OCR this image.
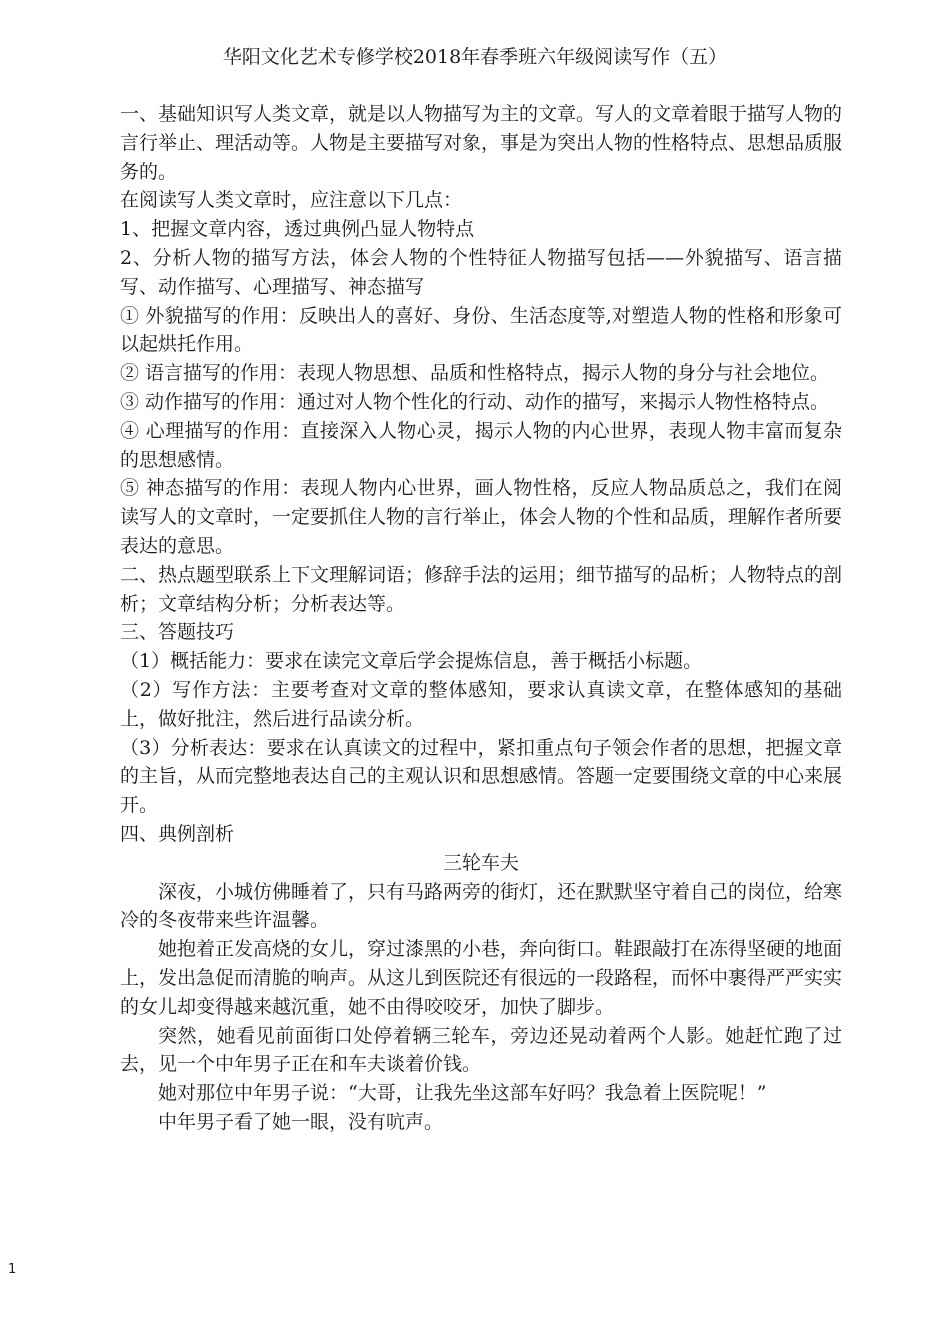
华阳文化艺术专修学校2018年春季班六年级阅读写作（五）

一、基础知识写人类文章，就是以人物描写为主的文章。写人的文章着眼于描写人物的言行举止、理活动等。人物是主要描写对象，事是为突出人物的性格特点、思想品质服务的。

在阅读写人类文章时，应注意以下几点：

1、把握文章内容，透过典例凸显人物特点

2、分析人物的描写方法，体会人物的个性特征人物描写包括——外貌描写、语言描写、动作描写、心理描写、神态描写

① 外貌描写的作用：反映出人的喜好、身份、生活态度等,对塑造人物的性格和形象可以起烘托作用。

② 语言描写的作用：表现人物思想、品质和性格特点，揭示人物的身分与社会地位。

③ 动作描写的作用：通过对人物个性化的行动、动作的描写，来揭示人物性格特点。

④ 心理描写的作用：直接深入人物心灵，揭示人物的内心世界，表现人物丰富而复杂的思想感情。

⑤ 神态描写的作用：表现人物内心世界，画人物性格，反应人物品质总之，我们在阅读写人的文章时，一定要抓住人物的言行举止，体会人物的个性和品质，理解作者所要表达的意思。

二、热点题型联系上下文理解词语；修辞手法的运用；细节描写的品析；人物特点的剖

析；文章结构分析；分析表达等。

三、答题技巧

（1）概括能力：要求在读完文章后学会提炼信息，善于概括小标题。

（2）写作方法：主要考查对文章的整体感知，要求认真读文章，在整体感知的基础上，做好批注，然后进行品读分析。

（3）分析表达：要求在认真读文的过程中，紧扣重点句子领会作者的思想，把握文章的主旨，从而完整地表达自己的主观认识和思想感情。答题一定要围绕文章的中心来展开。

四、典例剖析

三轮车夫

深夜，小城仿佛睡着了，只有马路两旁的街灯，还在默默坚守着自己的岗位，给寒冷的冬夜带来些许温馨。

她抱着正发高烧的女儿，穿过漆黑的小巷，奔向街口。鞋跟敲打在冻得坚硬的地面上，发出急促而清脆的响声。从这儿到医院还有很远的一段路程，而怀中裹得严严实实的女儿却变得越来越沉重，她不由得咬咬牙，加快了脚步。

突然，她看见前面街口处停着辆三轮车，旁边还晃动着两个人影。她赶忙跑了过去，见一个中年男子正在和车夫谈着价钱。

她对那位中年男子说：“大哥，让我先坐这部车好吗？我急着上医院呢！”

中年男子看了她一眼，没有吭声。

1
